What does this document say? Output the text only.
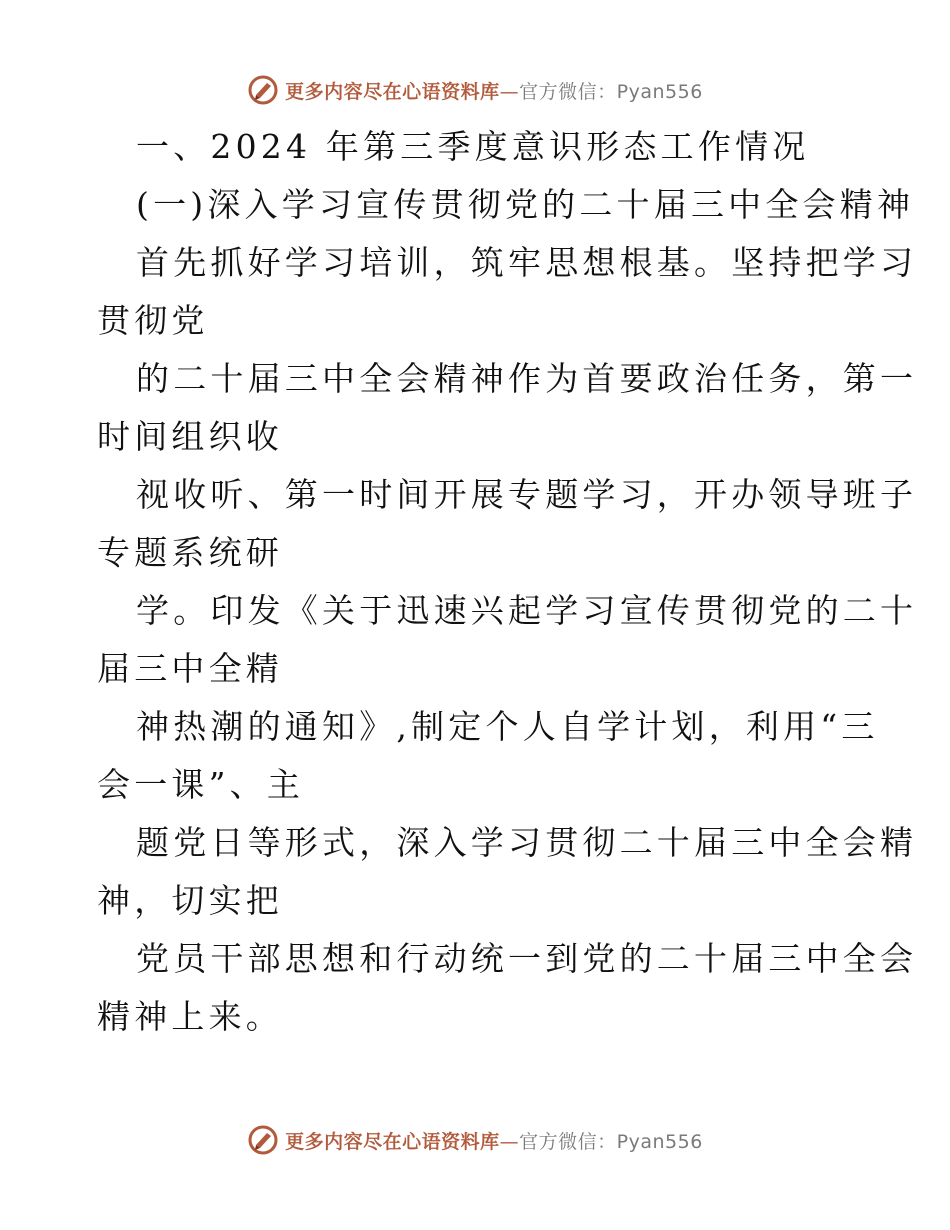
更多内容尽在心语资料库—官方微信：Pyan556
一、2024 年第三季度意识形态工作情况
(一)深入学习宣传贯彻党的二十届三中全会精神
首先抓好学习培训，筑牢思想根基。坚持把学习
贯彻党
的二十届三中全会精神作为首要政治任务，第一
时间组织收
视收听、第一时间开展专题学习，开办领导班子
专题系统研
学。印发《关于迅速兴起学习宣传贯彻党的二十
届三中全精
神热潮的通知》,制定个人自学计划，利用“三
会一课”、主
题党日等形式，深入学习贯彻二十届三中全会精
神，切实把
党员干部思想和行动统一到党的二十届三中全会
精神上来。
更多内容尽在心语资料库—官方微信：Pyan556
